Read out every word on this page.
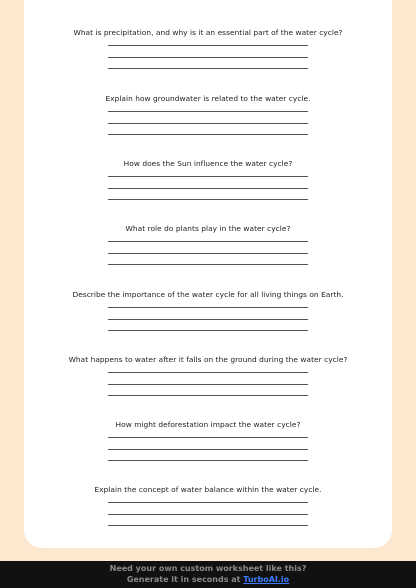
What is precipitation, and why is it an essential part of the water cycle?
Explain how groundwater is related to the water cycle.
How does the Sun influence the water cycle?
What role do plants play in the water cycle?
Describe the importance of the water cycle for all living things on Earth.
What happens to water after it falls on the ground during the water cycle?
How might deforestation impact the water cycle?
Explain the concept of water balance within the water cycle.
Need your own custom worksheet like this?
Generate it in seconds at TurboAI.io
